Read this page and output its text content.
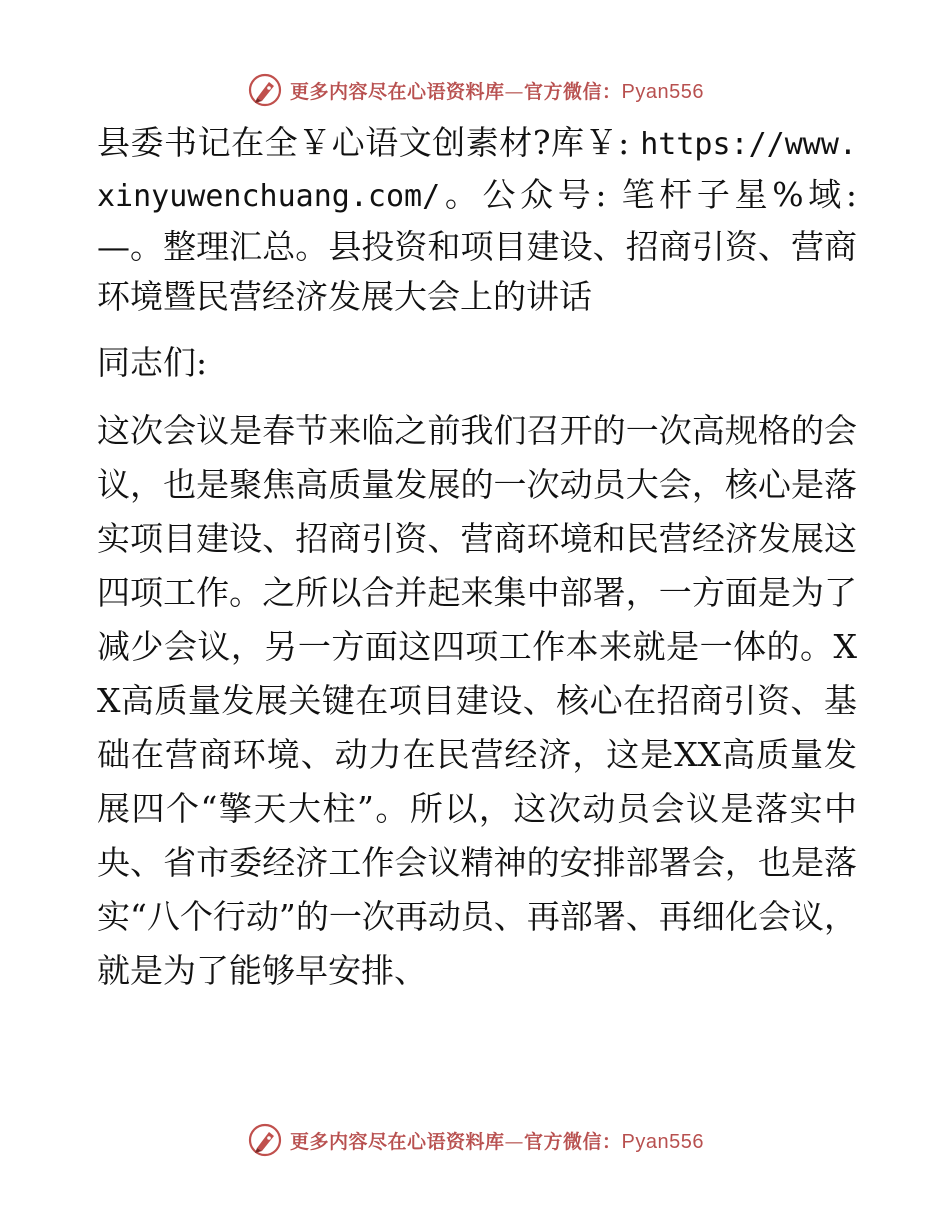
更多内容尽在心语资料库—官方微信：Pyan556

县委书记在全￥心语文创素材?库￥: https://www.xinyuwenchuang.com/。公众号: 笔杆子星%域:—。整理汇总。县投资和项目建设、招商引资、营商环境暨民营经济发展大会上的讲话

同志们:

这次会议是春节来临之前我们召开的一次高规格的会议，也是聚焦高质量发展的一次动员大会，核心是落实项目建设、招商引资、营商环境和民营经济发展这四项工作。之所以合并起来集中部署，一方面是为了减少会议，另一方面这四项工作本来就是一体的。XX高质量发展关键在项目建设、核心在招商引资、基础在营商环境、动力在民营经济，这是XX高质量发展四个“擎天大柱”。所以，这次动员会议是落实中央、省市委经济工作会议精神的安排部署会，也是落实“八个行动”的一次再动员、再部署、再细化会议，就是为了能够早安排、

更多内容尽在心语资料库—官方微信：Pyan556
